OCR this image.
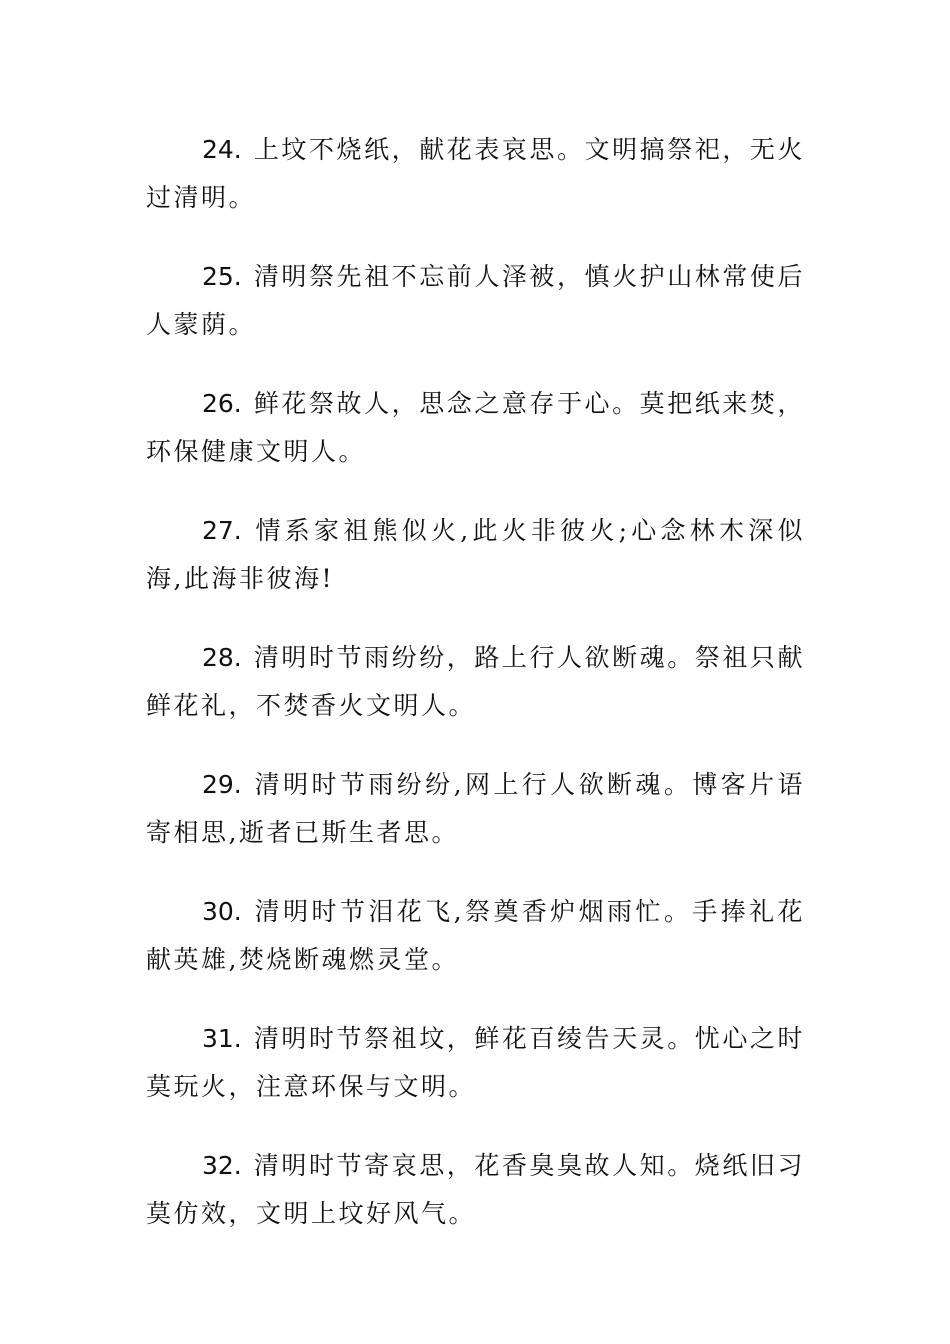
24. 上坟不烧纸，献花表哀思。文明搞祭祀，无火过清明。

25. 清明祭先祖不忘前人泽被，慎火护山林常使后人蒙荫。

26. 鲜花祭故人，思念之意存于心。莫把纸来焚，环保健康文明人。

27. 情系家祖熊似火,此火非彼火;心念林木深似海,此海非彼海!

28. 清明时节雨纷纷，路上行人欲断魂。祭祖只献鲜花礼，不焚香火文明人。

29. 清明时节雨纷纷,网上行人欲断魂。博客片语寄相思,逝者已斯生者思。

30. 清明时节泪花飞,祭奠香炉烟雨忙。手捧礼花献英雄,焚烧断魂燃灵堂。

31. 清明时节祭祖坟，鲜花百绫告天灵。忧心之时莫玩火，注意环保与文明。

32. 清明时节寄哀思，花香臭臭故人知。烧纸旧习莫仿效，文明上坟好风气。
